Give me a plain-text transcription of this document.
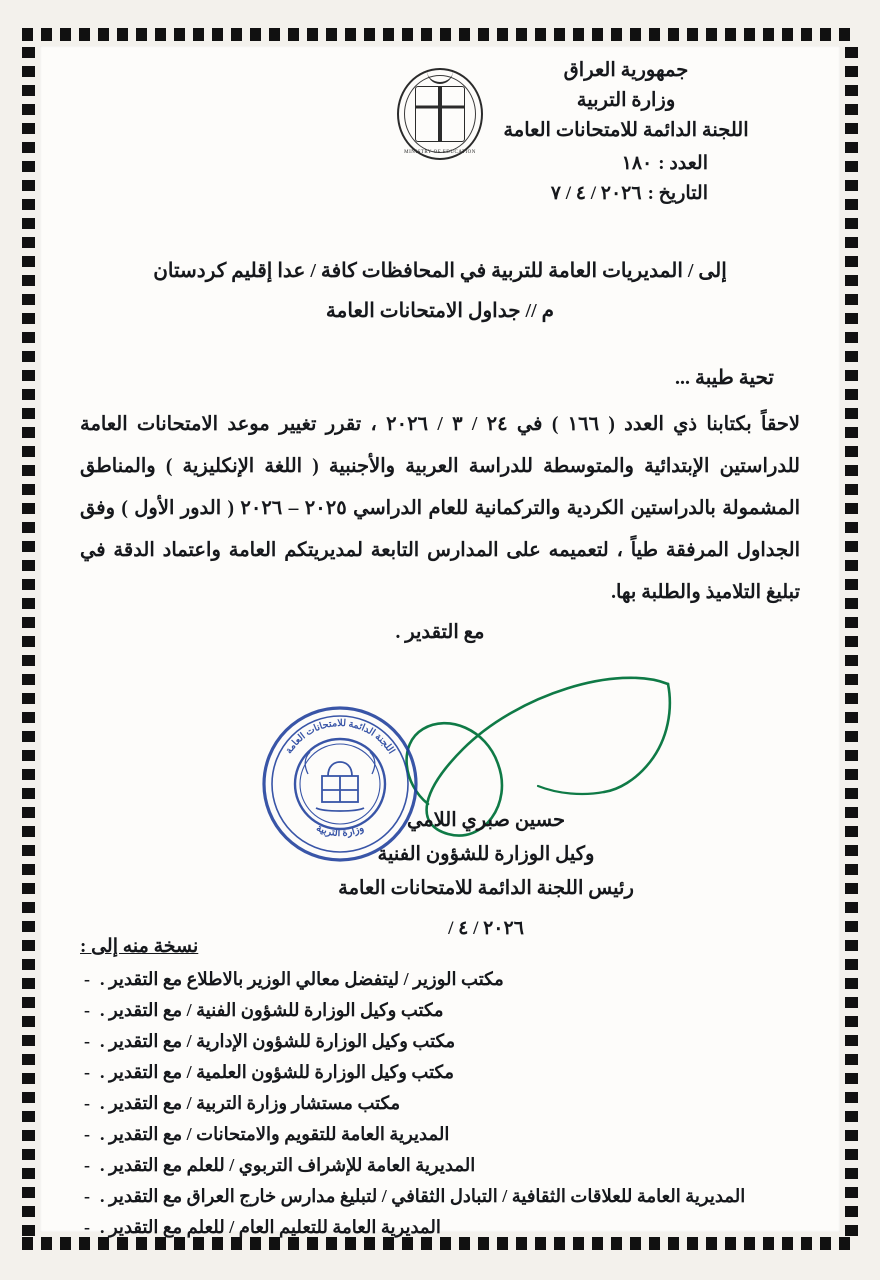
جمهورية العراق
وزارة التربية
اللجنة الدائمة للامتحانات العامة
MINISTRY OF EDUCATION
العدد :
١٨٠
التاريخ :
٢٠٢٦ / ٤ / ٧
إلى / المديريات العامة للتربية في المحافظات كافة / عدا إقليم كردستان
م // جداول الامتحانات العامة
تحية طيبة ...

لاحقاً بكتابنا ذي العدد ( ١٦٦ ) في ٢٤ / ٣ / ٢٠٢٦ ، تقرر تغيير موعد الامتحانات العامة للدراستين الإبتدائية والمتوسطة للدراسة العربية والأجنبية ( اللغة الإنكليزية ) والمناطق المشمولة بالدراستين الكردية والتركمانية للعام الدراسي ٢٠٢٥ – ٢٠٢٦ ( الدور الأول ) وفق الجداول المرفقة طياً ، لتعميمه على المدارس التابعة لمديريتكم العامة واعتماد الدقة في تبليغ التلاميذ والطلبة بها.

مع التقدير .
اللجنة الدائمة للامتحانات العامة
وزارة التربية	حسين صبري اللامي
وكيل الوزارة للشؤون الفنية
رئيس اللجنة الدائمة للامتحانات العامة
٢٠٢٦ / ٤ /
نسخة منه إلى :
مكتب الوزير / ليتفضل معالي الوزير بالاطلاع مع التقدير .
-
مكتب وكيل الوزارة للشؤون الفنية / مع التقدير .
-
مكتب وكيل الوزارة للشؤون الإدارية / مع التقدير .
-
مكتب وكيل الوزارة للشؤون العلمية / مع التقدير .
-
مكتب مستشار وزارة التربية / مع التقدير .
-
المديرية العامة للتقويم والامتحانات / مع التقدير .
-
المديرية العامة للإشراف التربوي / للعلم مع التقدير .
-
المديرية العامة للعلاقات الثقافية / التبادل الثقافي / لتبليغ مدارس خارج العراق مع التقدير .
-
المديرية العامة للتعليم العام / للعلم مع التقدير .
-
